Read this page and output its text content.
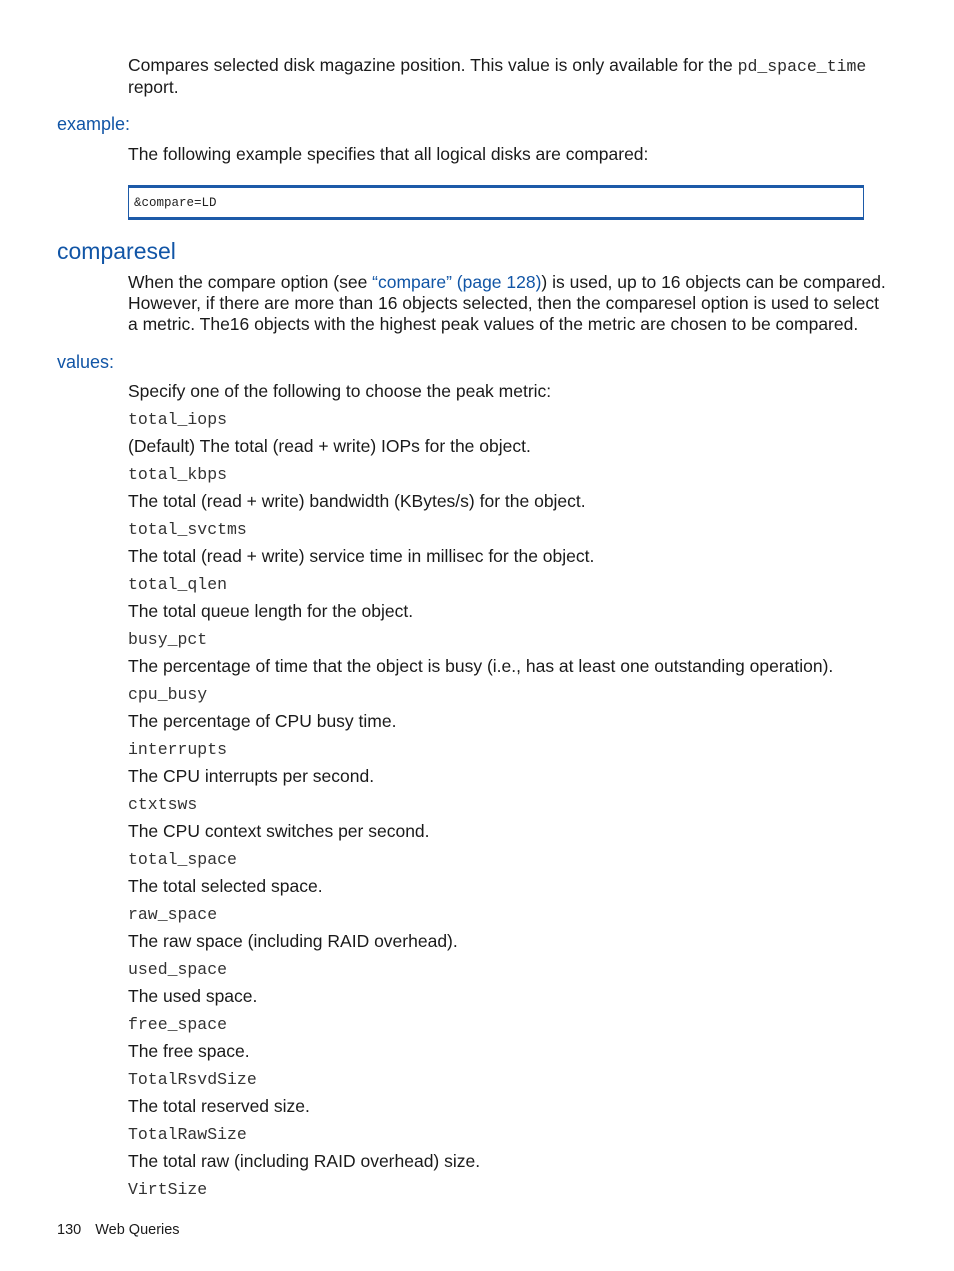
Compares selected disk magazine position. This value is only available for the pd_space_time
report.
example:
The following example specifies that all logical disks are compared:
&compare=LD
comparesel
When the compare option (see “compare” (page 128)) is used, up to 16 objects can be compared.
However, if there are more than 16 objects selected, then the comparesel option is used to select
a metric. The16 objects with the highest peak values of the metric are chosen to be compared.
values:
Specify one of the following to choose the peak metric:
total_iops
(Default) The total (read + write) IOPs for the object.
total_kbps
The total (read + write) bandwidth (KBytes/s) for the object.
total_svctms
The total (read + write) service time in millisec for the object.
total_qlen
The total queue length for the object.
busy_pct
The percentage of time that the object is busy (i.e., has at least one outstanding operation).
cpu_busy
The percentage of CPU busy time.
interrupts
The CPU interrupts per second.
ctxtsws
The CPU context switches per second.
total_space
The total selected space.
raw_space
The raw space (including RAID overhead).
used_space
The used space.
free_space
The free space.
TotalRsvdSize
The total reserved size.
TotalRawSize
The total raw (including RAID overhead) size.
VirtSize
130 Web Queries
